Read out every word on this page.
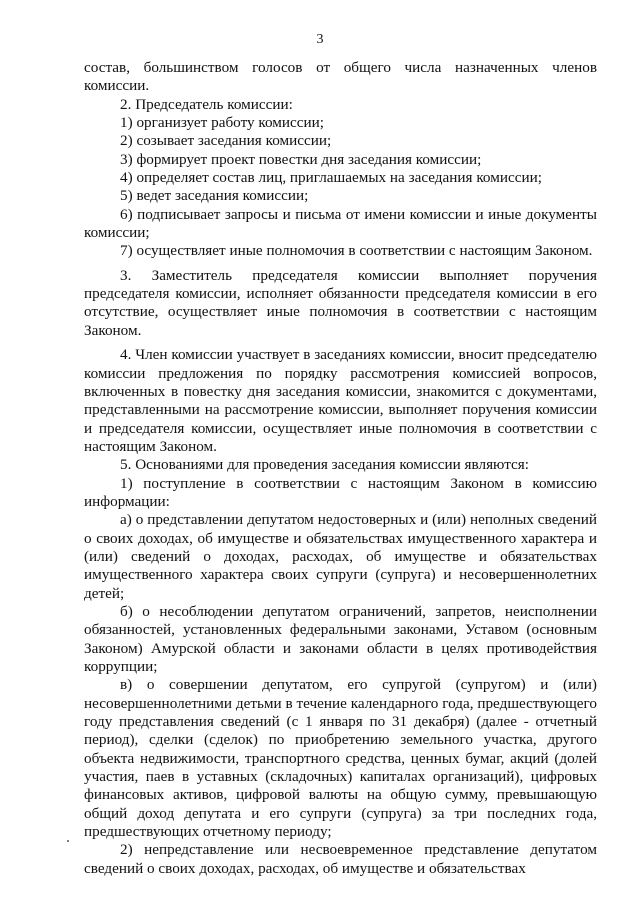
3

состав, большинством голосов от общего числа назначенных членов комиссии.

2. Председатель комиссии:

1) организует работу комиссии;

2) созывает заседания комиссии;

3) формирует проект повестки дня заседания комиссии;

4) определяет состав лиц, приглашаемых на заседания комиссии;

5) ведет заседания комиссии;

6) подписывает запросы и письма от имени комиссии и иные документы комиссии;

7) осуществляет иные полномочия в соответствии с настоящим Законом.

3. Заместитель председателя комиссии выполняет поручения председателя комиссии, исполняет обязанности председателя комиссии в его отсутствие, осуществляет иные полномочия в соответствии с настоящим Законом.

4. Член комиссии участвует в заседаниях комиссии, вносит председателю комиссии предложения по порядку рассмотрения комиссией вопросов, включенных в повестку дня заседания комиссии, знакомится с документами, представленными на рассмотрение комиссии, выполняет поручения комиссии и председателя комиссии, осуществляет иные полномочия в соответствии с настоящим Законом.

5. Основаниями для проведения заседания комиссии являются:

1) поступление в соответствии с настоящим Законом в комиссию информации:

а) о представлении депутатом недостоверных и (или) неполных сведений о своих доходах, об имуществе и обязательствах имущественного характера и (или) сведений о доходах, расходах, об имуществе и обязательствах имущественного характера своих супруги (супруга) и несовершеннолетних детей;

б) о несоблюдении депутатом ограничений, запретов, неисполнении обязанностей, установленных федеральными законами, Уставом (основным Законом) Амурской области и законами области в целях противодействия коррупции;

в) о совершении депутатом, его супругой (супругом) и (или) несовершеннолетними детьми в течение календарного года, предшествующего году представления сведений (с 1 января по 31 декабря) (далее - отчетный период), сделки (сделок) по приобретению земельного участка, другого объекта недвижимости, транспортного средства, ценных бумаг, акций (долей участия, паев в уставных (складочных) капиталах организаций), цифровых финансовых активов, цифровой валюты на общую сумму, превышающую общий доход депутата и его супруги (супруга) за три последних года, предшествующих отчетному периоду;

2) непредставление или несвоевременное представление депутатом сведений о своих доходах, расходах, об имуществе и обязательствах
